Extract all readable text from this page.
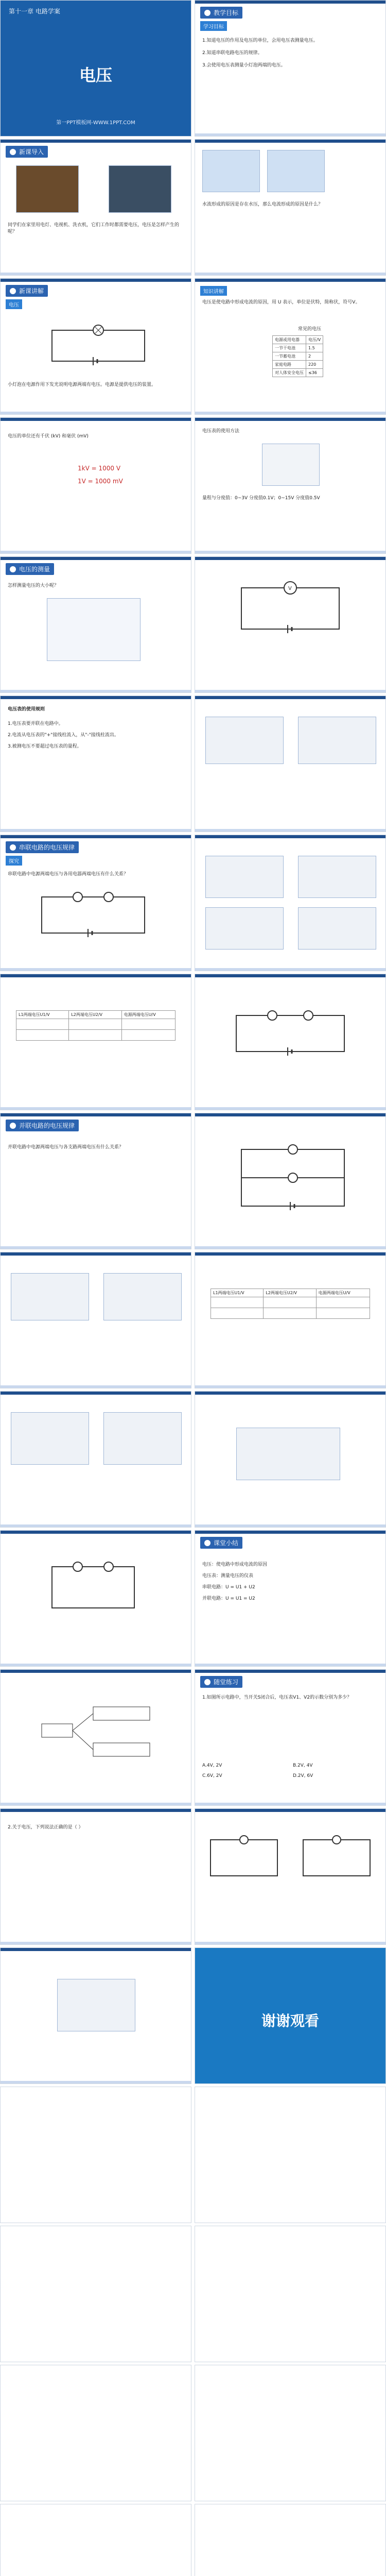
第十一章 电路学案
电压
第一PPT模板网-WWW.1PPT.COM
教学目标
学习目标
1.知道电压的作用及电压的单位，会用电压表测量电压。
2.知道串联电路电压的规律。
3.会使用电压表测量小灯泡两端的电压。
新课导入
同学们在家里用电灯、电视机、洗衣机，它们工作时都需要电压，电压是怎样产生的呢？
水流形成的原因是存在水压，那么电流形成的原因是什么？
新课讲解
电压
小灯泡在电源作用下发光说明电源两端有电压。电源是提供电压的装置。
知识讲解
电压是使电路中形成电流的原因，用 U 表示，单位是伏特，简称伏，符号V。
常见的电压
电源或用电器	电压/V
一节干电池	1.5
一节蓄电池	2
家庭电路	220
对人体安全电压	≤36
电压的单位还有千伏 (kV) 和毫伏 (mV)
1kV = 1000 V
1V = 1000 mV
电压表的使用方法
量程与分度值：0~3V 分度值0.1V；0~15V 分度值0.5V
电压的测量
怎样测量电压的大小呢？	V
电压表的使用规则
1.电压表要并联在电路中。
2.电流从电压表的"+"接线柱流入，从"-"接线柱流出。
3.被测电压不要超过电压表的量程。
串联电路的电压规律
探究
串联电路中电源两端电压与各用电器两端电压有什么关系？
L1两端电压U1/V	L2两端电压U2/V	电源两端电压U/V

并联电路的电压规律
并联电路中电源两端电压与各支路两端电压有什么关系？
L1两端电压U1/V	L2两端电压U2/V	电源两端电压U/V

课堂小结
电压：使电路中形成电流的原因
电压表：测量电压的仪表
串联电路：U = U1 + U2
并联电路：U = U1 = U2
随堂练习
1.如图所示电路中，当开关S闭合后，电压表V1、V2的示数分别为多少？
A.4V, 2V	B.2V, 4V
C.6V, 2V	D.2V, 6V
2.关于电压，下列说法正确的是（ ）
谢谢观看
